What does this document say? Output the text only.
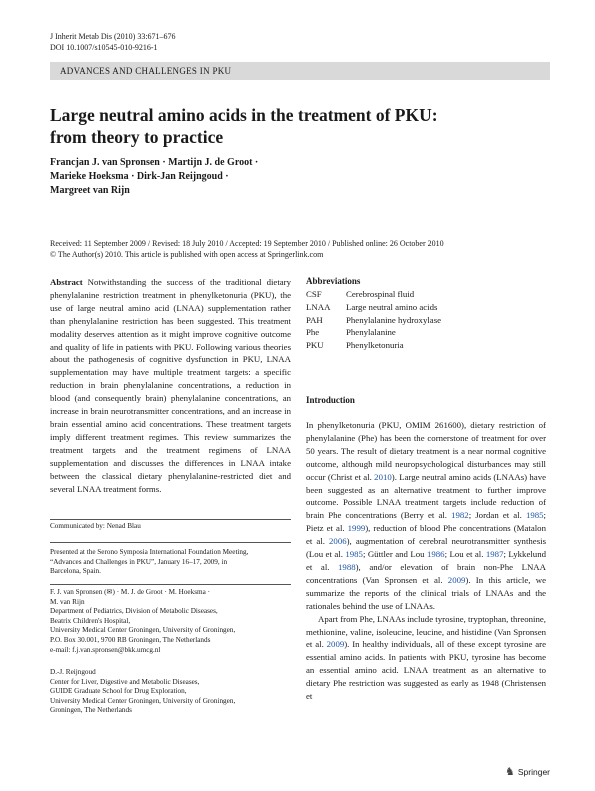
J Inherit Metab Dis (2010) 33:671–676
DOI 10.1007/s10545-010-9216-1
ADVANCES AND CHALLENGES IN PKU
Large neutral amino acids in the treatment of PKU:
from theory to practice
Francjan J. van Spronsen · Martijn J. de Groot ·
Marieke Hoeksma · Dirk-Jan Reijngoud ·
Margreet van Rijn
Received: 11 September 2009 / Revised: 18 July 2010 / Accepted: 19 September 2010 / Published online: 26 October 2010
© The Author(s) 2010. This article is published with open access at Springerlink.com
Abstract Notwithstanding the success of the traditional dietary phenylalanine restriction treatment in phenylketonuria (PKU), the use of large neutral amino acid (LNAA) supplementation rather than phenylalanine restriction has been suggested. This treatment modality deserves attention as it might improve cognitive outcome and quality of life in patients with PKU. Following various theories about the pathogenesis of cognitive dysfunction in PKU, LNAA supplementation may have multiple treatment targets: a specific reduction in brain phenylalanine concentrations, a reduction in blood (and consequently brain) phenylalanine concentrations, an increase in brain neurotransmitter concentrations, and an increase in brain essential amino acid concentrations. These treatment targets imply different treatment regimes. This review summarizes the treatment targets and the treatment regimens of LNAA supplementation and discusses the differences in LNAA intake between the classical dietary phenylalanine-restricted diet and several LNAA treatment forms.
Communicated by: Nenad Blau
Presented at the Serono Symposia International Foundation Meeting,
“Advances and Challenges in PKU”, January 16–17, 2009, in
Barcelona, Spain.
F. J. van Spronsen (✉) · M. J. de Groot · M. Hoeksma ·
M. van Rijn
Department of Pediatrics, Division of Metabolic Diseases,
Beatrix Children's Hospital,
University Medical Center Groningen, University of Groningen,
P.O. Box 30.001, 9700 RB Groningen, The Netherlands
e-mail: f.j.van.spronsen@bkk.umcg.nl
D.-J. Reijngoud
Center for Liver, Digestive and Metabolic Diseases,
GUIDE Graduate School for Drug Exploration,
University Medical Center Groningen, University of Groningen,
Groningen, The Netherlands
Abbreviations
CSF	Cerebrospinal fluid
LNAA	Large neutral amino acids
PAH	Phenylalanine hydroxylase
Phe	Phenylalanine
PKU	Phenylketonuria
Introduction

In phenylketonuria (PKU, OMIM 261600), dietary restriction of phenylalanine (Phe) has been the cornerstone of treatment for over 50 years. The result of dietary treatment is a near normal cognitive outcome, although mild neuropsychological disturbances may still occur (Christ et al. 2010). Large neutral amino acids (LNAAs) have been suggested as an alternative treatment to further improve outcome. Possible LNAA treatment targets include reduction of brain Phe concentrations (Berry et al. 1982; Jordan et al. 1985; Pietz et al. 1999), reduction of blood Phe concentrations (Matalon et al. 2006), augmentation of cerebral neurotransmitter synthesis (Lou et al. 1985; Güttler and Lou 1986; Lou et al. 1987; Lykkelund et al. 1988), and/or elevation of brain non-Phe LNAA concentrations (Van Spronsen et al. 2009). In this article, we summarize the reports of the clinical trials of LNAAs and the rationales behind the use of LNAAs.

Apart from Phe, LNAAs include tyrosine, tryptophan, threonine, methionine, valine, isoleucine, leucine, and histidine (Van Spronsen et al. 2009). In healthy individuals, all of these except tyrosine are essential amino acids. In patients with PKU, tyrosine has become an essential amino acid. LNAA treatment as an alternative to dietary Phe restriction was suggested as early as 1948 (Christensen et

♞ Springer
